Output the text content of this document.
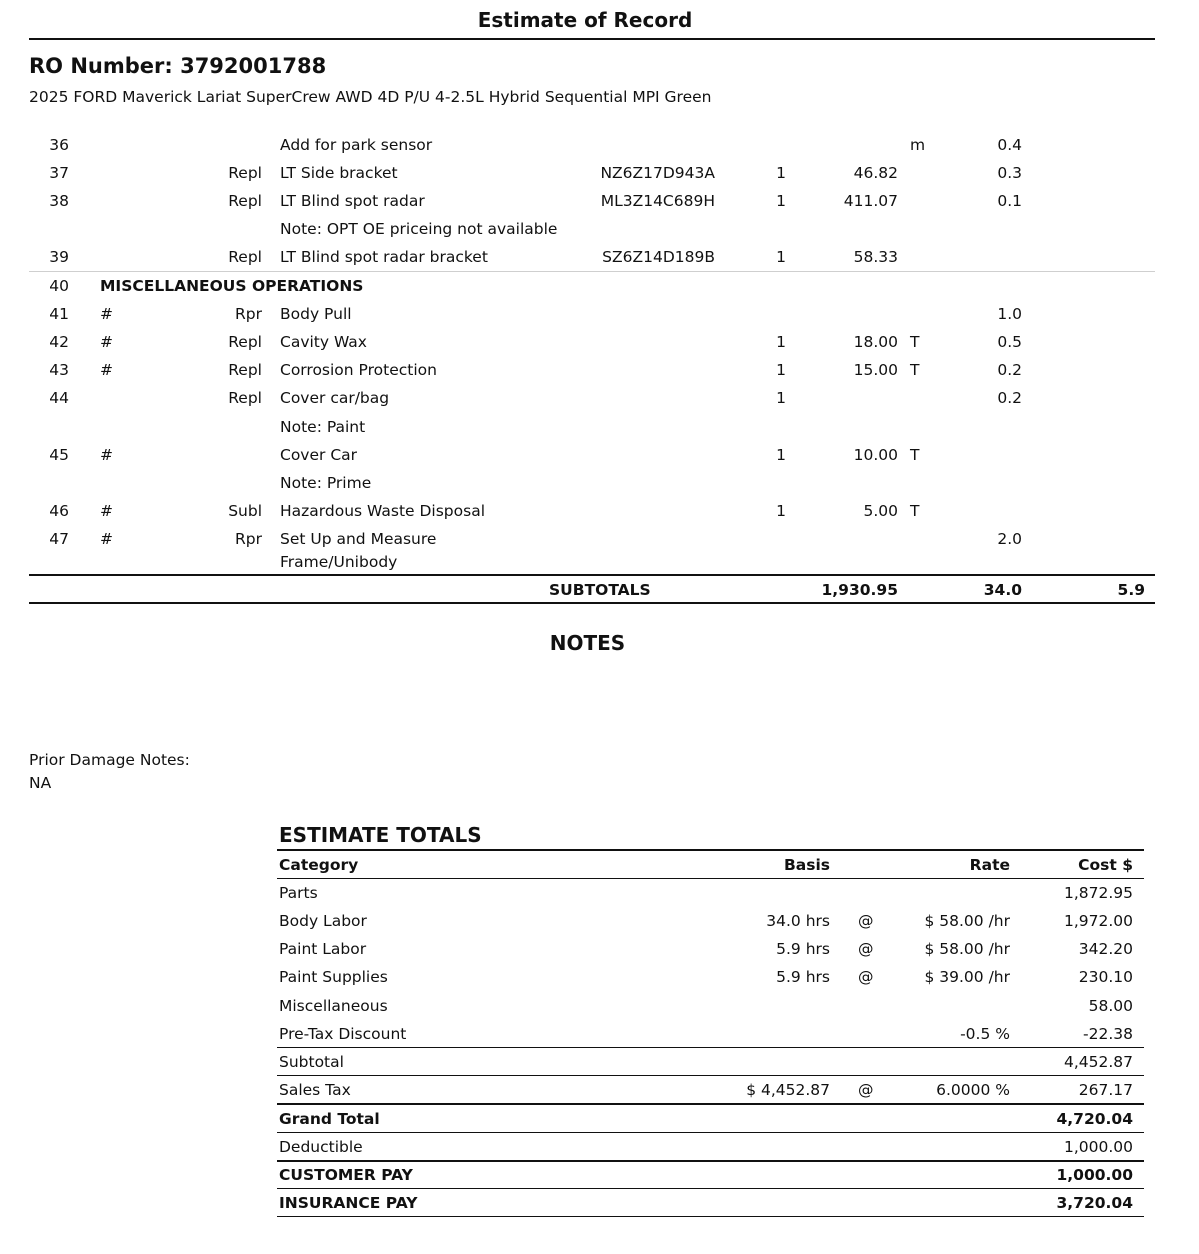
Estimate of Record
RO Number: 3792001788
2025 FORD Maverick Lariat SuperCrew AWD 4D P/U 4-2.5L Hybrid Sequential MPI Green
36	Add for park sensor	m	0.4
37	Repl LT Side bracket	NZ6Z17D943A	1	46.82	0.3
38	Repl LT Blind spot radar	ML3Z14C689H	1	411.07	0.1
Note: OPT OE priceing not available
39	Repl LT Blind spot radar bracket	SZ6Z14D189B	1	58.33
40 MISCELLANEOUS OPERATIONS
41 #	Rpr Body Pull	1.0
42 #	Repl Cavity Wax	1	18.00 T	0.5
43 #	Repl Corrosion Protection	1	15.00 T	0.2
44	Repl Cover car/bag	1	0.2
Note: Paint
45 #	Cover Car	1	10.00 T
Note: Prime
46 #	Subl Hazardous Waste Disposal	1	5.00 T
47 #	Rpr Set Up and Measure	2.0
Frame/Unibody
SUBTOTALS	1,930.95	34.0	5.9
NOTES
Prior Damage Notes:
NA
ESTIMATE TOTALS
Category	Basis	Rate	Cost $
Parts	1,872.95
Body Labor	34.0 hrs @	$ 58.00 /hr	1,972.00
Paint Labor	5.9 hrs @	$ 58.00 /hr	342.20
Paint Supplies	5.9 hrs @	$ 39.00 /hr	230.10
Miscellaneous	58.00
Pre-Tax Discount	-0.5 %	-22.38
Subtotal	4,452.87
Sales Tax	$ 4,452.87 @	6.0000 %	267.17
Grand Total	4,720.04
Deductible	1,000.00
CUSTOMER PAY	1,000.00
INSURANCE PAY	3,720.04
